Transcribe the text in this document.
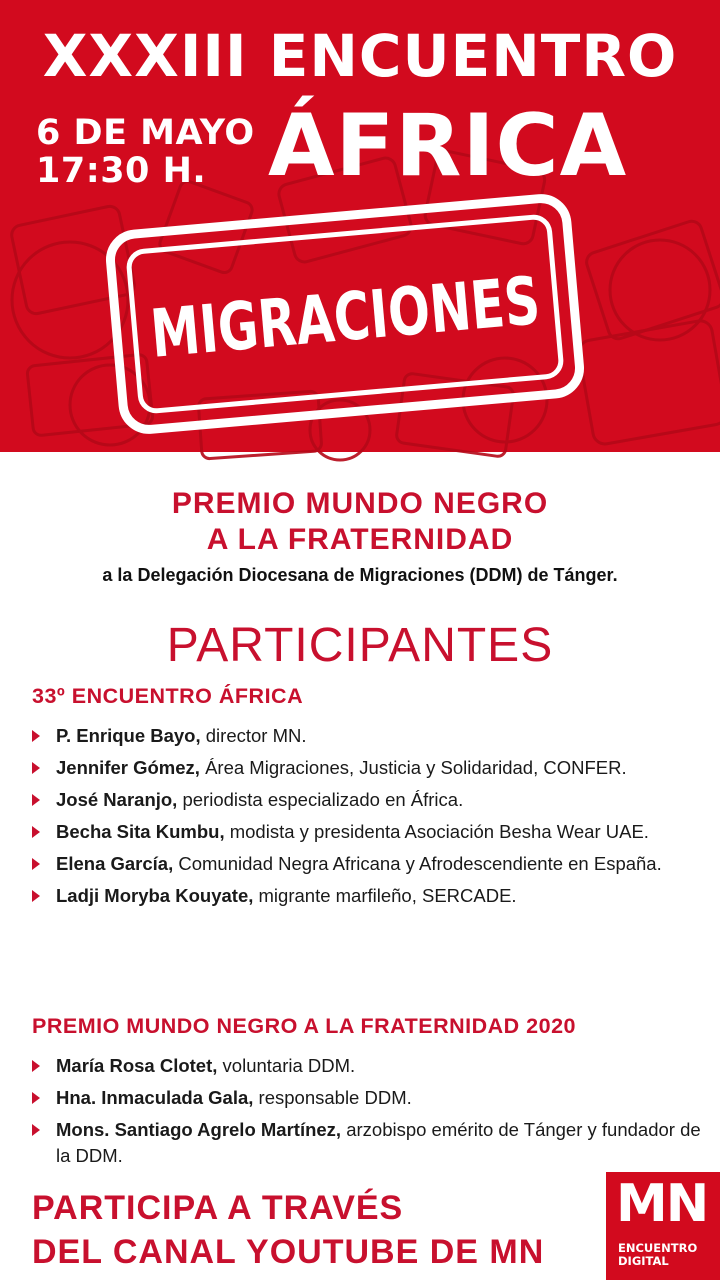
XXXIII ENCUENTRO
6 DE MAYO
17:30 H. ÁFRICA
MIGRACIONES
PREMIO MUNDO NEGRO
A LA FRATERNIDAD
a la Delegación Diocesana de Migraciones (DDM) de Tánger.
PARTICIPANTES
33º ENCUENTRO ÁFRICA
P. Enrique Bayo, director MN.
Jennifer Gómez, Área Migraciones, Justicia y Solidaridad, CONFER.
José Naranjo, periodista especializado en África.
Becha Sita Kumbu, modista y presidenta Asociación Besha Wear UAE.
Elena García, Comunidad Negra Africana y Afrodescendiente en España.
Ladji Moryba Kouyate, migrante marfileño, SERCADE.
PREMIO MUNDO NEGRO A LA FRATERNIDAD 2020
María Rosa Clotet, voluntaria DDM.
Hna. Inmaculada Gala, responsable DDM.
Mons. Santiago Agrelo Martínez, arzobispo emérito de Tánger y fundador de la DDM.
PARTICIPA A TRAVÉS
DEL CANAL YOUTUBE DE MN
MN
ENCUENTRO
DIGITAL
